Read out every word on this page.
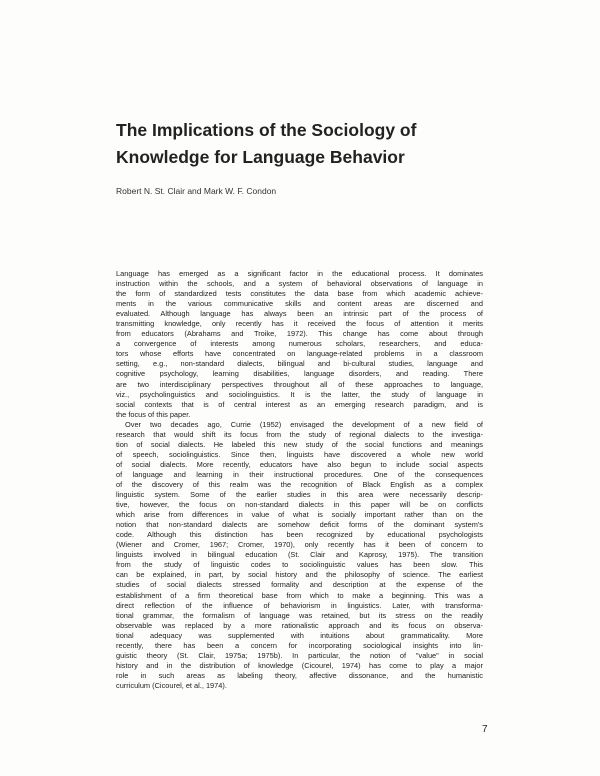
The Implications of the Sociology of
Knowledge for Language Behavior
Robert N. St. Clair and Mark W. F. Condon
Language has emerged as a significant factor in the educational process. It dominates
instruction within the schools, and a system of behavioral observations of language in
the form of standardized tests constitutes the data base from which academic achieve-
ments in the various communicative skills and content areas are discerned and
evaluated. Although language has always been an intrinsic part of the process of
transmitting knowledge, only recently has it received the focus of attention it merits
from educators (Abrahams and Troike, 1972). This change has come about through
a convergence of interests among numerous scholars, researchers, and educa-
tors whose efforts have concentrated on language-related problems in a classroom
setting, e.g., non-standard dialects, bilingual and bi-cultural studies, language and
cognitive psychology, learning disabilities, language disorders, and reading. There
are two interdisciplinary perspectives throughout all of these approaches to language,
viz., psycholinguistics and sociolinguistics. It is the latter, the study of language in
social contexts that is of central interest as an emerging research paradigm, and is
the focus of this paper.
Over two decades ago, Currie (1952) envisaged the development of a new field of
research that would shift its focus from the study of regional dialects to the investiga-
tion of social dialects. He labeled this new study of the social functions and meanings
of speech, sociolinguistics. Since then, linguists have discovered a whole new world
of social dialects. More recently, educators have also begun to include social aspects
of language and learning in their instructional procedures. One of the consequences
of the discovery of this realm was the recognition of Black English as a complex
linguistic system. Some of the earlier studies in this area were necessarily descrip-
tive, however, the focus on non-standard dialects in this paper will be on conflicts
which arise from differences in value of what is socially important rather than on the
notion that non-standard dialects are somehow deficit forms of the dominant system's
code. Although this distinction has been recognized by educational psychologists
(Wiener and Cromer, 1967; Cromer, 1970), only recently has it been of concern to
linguists involved in bilingual education (St. Clair and Kaprosy, 1975). The transition
from the study of linguistic codes to sociolinguistic values has been slow. This
can be explained, in part, by social history and the philosophy of science. The earliest
studies of social dialects stressed formality and description at the expense of the
establishment of a firm theoretical base from which to make a beginning. This was a
direct reflection of the influence of behaviorism in linguistics. Later, with transforma-
tional grammar, the formalism of language was retained, but its stress on the readily
observable was replaced by a more rationalistic approach and its focus on observa-
tional adequacy was supplemented with intuitions about grammaticality. More
recently, there has been a concern for incorporating sociological insights into lin-
guistic theory (St. Clair, 1975a; 1975b). In particular, the notion of "value" in social
history and in the distribution of knowledge (Cicourel, 1974) has come to play a major
role in such areas as labeling theory, affective dissonance, and the humanistic
curriculum (Cicourel, et al., 1974).
7
